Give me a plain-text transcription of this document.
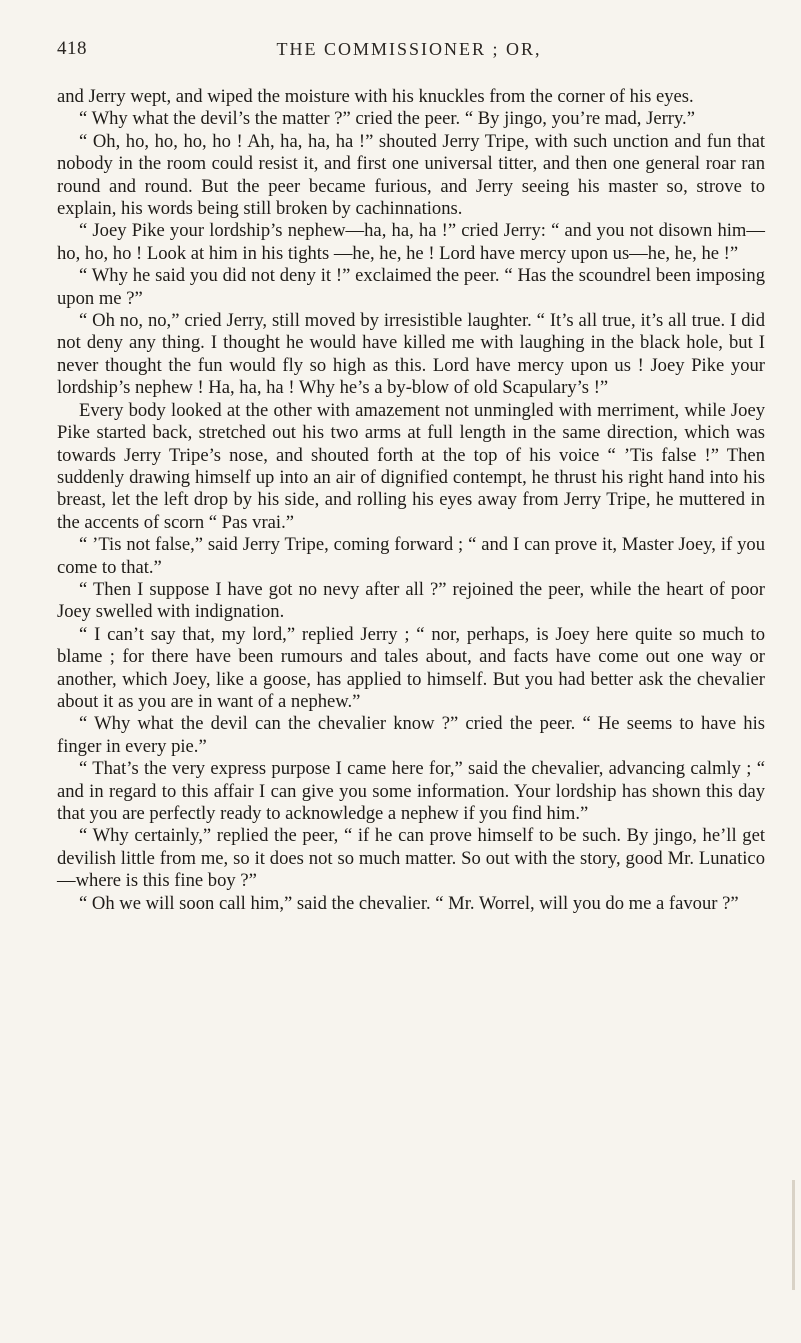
418	THE COMMISSIONER ; OR,

and Jerry wept, and wiped the moisture with his knuckles from the corner of his eyes.

“ Why what the devil’s the matter ?” cried the peer. “ By jingo, you’re mad, Jerry.”

“ Oh, ho, ho, ho, ho ! Ah, ha, ha, ha !” shouted Jerry Tripe, with such unction and fun that nobody in the room could resist it, and first one universal titter, and then one general roar ran round and round. But the peer became furious, and Jerry seeing his master so, strove to explain, his words being still broken by cachinnations.

“ Joey Pike your lordship’s nephew—ha, ha, ha !” cried Jerry: “ and you not disown him—ho, ho, ho ! Look at him in his tights —he, he, he ! Lord have mercy upon us—he, he, he !”

“ Why he said you did not deny it !” exclaimed the peer. “ Has the scoundrel been imposing upon me ?”

“ Oh no, no,” cried Jerry, still moved by irresistible laughter. “ It’s all true, it’s all true. I did not deny any thing. I thought he would have killed me with laughing in the black hole, but I never thought the fun would fly so high as this. Lord have mercy upon us ! Joey Pike your lordship’s nephew ! Ha, ha, ha ! Why he’s a by-blow of old Scapulary’s !”

Every body looked at the other with amazement not unmingled with merriment, while Joey Pike started back, stretched out his two arms at full length in the same direction, which was towards Jerry Tripe’s nose, and shouted forth at the top of his voice “ ’Tis false !” Then suddenly drawing himself up into an air of dignified contempt, he thrust his right hand into his breast, let the left drop by his side, and rolling his eyes away from Jerry Tripe, he muttered in the accents of scorn “ Pas vrai.”

“ ’Tis not false,” said Jerry Tripe, coming forward ; “ and I can prove it, Master Joey, if you come to that.”

“ Then I suppose I have got no nevy after all ?” rejoined the peer, while the heart of poor Joey swelled with indignation.

“ I can’t say that, my lord,” replied Jerry ; “ nor, perhaps, is Joey here quite so much to blame ; for there have been rumours and tales about, and facts have come out one way or another, which Joey, like a goose, has applied to himself. But you had better ask the chevalier about it as you are in want of a nephew.”

“ Why what the devil can the chevalier know ?” cried the peer. “ He seems to have his finger in every pie.”

“ That’s the very express purpose I came here for,” said the chevalier, advancing calmly ; “ and in regard to this affair I can give you some information. Your lordship has shown this day that you are perfectly ready to acknowledge a nephew if you find him.”

“ Why certainly,” replied the peer, “ if he can prove himself to be such. By jingo, he’ll get devilish little from me, so it does not so much matter. So out with the story, good Mr. Lunatico—where is this fine boy ?”

“ Oh we will soon call him,” said the chevalier. “ Mr. Worrel, will you do me a favour ?”
